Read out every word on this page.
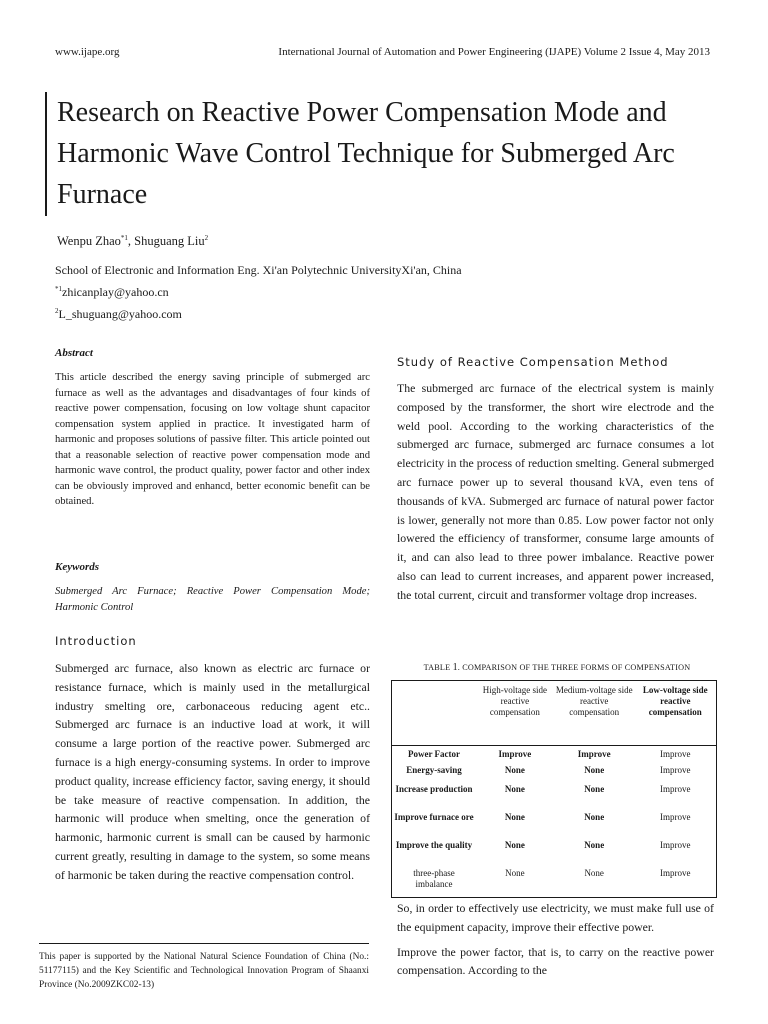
www.ijape.org	International Journal of Automation and Power Engineering (IJAPE) Volume 2 Issue 4, May 2013
Research on Reactive Power Compensation Mode and Harmonic Wave Control Technique for Submerged Arc Furnace
Wenpu Zhao$^{*1}$, Shuguang Liu$^2$
School of Electronic and Information Eng. Xi'an Polytechnic UniversityXi'an, China
$^{*1}$zhicanplay@yahoo.cn
$^2$L_shuguang@yahoo.com
Abstract

This article described the energy saving principle of submerged arc furnace as well as the advantages and disadvantages of four kinds of reactive power compensation, focusing on low voltage shunt capacitor compensation system applied in practice. It investigated harm of harmonic and proposes solutions of passive filter. This article pointed out that a reasonable selection of reactive power compensation mode and harmonic wave control, the product quality, power factor and other index can be obviously improved and enhancd, better economic benefit can be obtained.

Keywords

Submerged Arc Furnace; Reactive Power Compensation Mode; Harmonic Control

Introduction

Submerged arc furnace, also known as electric arc furnace or resistance furnace, which is mainly used in the metallurgical industry smelting ore, carbonaceous reducing agent etc.. Submerged arc furnace is an inductive load at work, it will consume a large portion of the reactive power. Submerged arc furnace is a high energy-consuming systems. In order to improve product quality, increase efficiency factor, saving energy, it should be take measure of reactive compensation. In addition, the harmonic will produce when smelting, once the generation of harmonic, harmonic current is small can be caused by harmonic current greatly, resulting in damage to the system, so some means of harmonic be taken during the reactive compensation control.

This paper is supported by the National Natural Science Foundation of China (No.: 51177115) and the Key Scientific and Technological Innovation Program of Shaanxi Province (No.2009ZKC02-13)

Study of Reactive Compensation Method

The submerged arc furnace of the electrical system is mainly composed by the transformer, the short wire electrode and the weld pool. According to the working characteristics of the submerged arc furnace, submerged arc furnace consumes a lot electricity in the process of reduction smelting. General submerged arc furnace power up to several thousand kVA, even tens of thousands of kVA. Submerged arc furnace of natural power factor is lower, generally not more than 0.85. Low power factor not only lowered the efficiency of transformer, consume large amounts of it, and can also lead to three power imbalance. Reactive power also can lead to current increases, and apparent power increased, the total current, circuit and transformer voltage drop increases.

TABLE 1. COMPARISON OF THE THREE FORMS OF COMPENSATION
	High-voltage side reactive compensation	Medium-voltage side reactive compensation	Low-voltage side reactive compensation
Power Factor	Improve	Improve	Improve
Energy-saving	None	None	Improve
Increase production	None	None	Improve
Improve furnace ore	None	None	Improve
Improve the quality	None	None	Improve
three-phase imbalance	None	None	Improve

So, in order to effectively use electricity, we must make full use of the equipment capacity, improve their effective power.

Improve the power factor, that is, to carry on the reactive power compensation. According to the
